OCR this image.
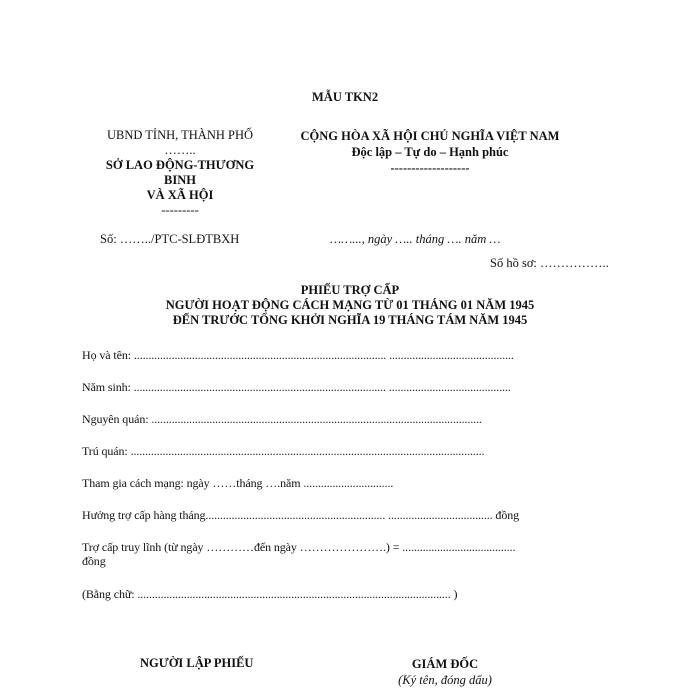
MẪU TKN2
UBND TỈNH, THÀNH PHỐ
……..
SỞ LAO ĐỘNG-THƯƠNG
BINH
VÀ XÃ HỘI
---------
CỘNG HÒA XÃ HỘI CHỦ NGHĨA VIỆT NAM
Độc lập – Tự do – Hạnh phúc
-------------------
Số: ……../PTC-SLĐTBXH	……..., ngày ….. tháng …. năm …
Số hồ sơ: ……………..
PHIẾU TRỢ CẤP
NGƯỜI HOẠT ĐỘNG CÁCH MẠNG TỪ 01 THÁNG 01 NĂM 1945
ĐẾN TRƯỚC TỔNG KHỞI NGHĨA 19 THÁNG TÁM NĂM 1945
Họ và tên: ....................................................................................... ...........................................
Năm sinh: ....................................................................................... ..........................................
Nguyên quán: ..................................................................................................................
Trú quán: ..........................................................................................................................
Tham gia cách mạng: ngày ……tháng ….năm ...............................
Hưởng trợ cấp hàng tháng.............................................................. .................................... đồng
Trợ cấp truy lĩnh (từ ngày …………đến ngày ………………….) = .......................................
đồng
(Bằng chữ: ............................................................................................................ )
NGƯỜI LẬP PHIẾU	GIÁM ĐỐC
(Ký tên, đóng dấu)
